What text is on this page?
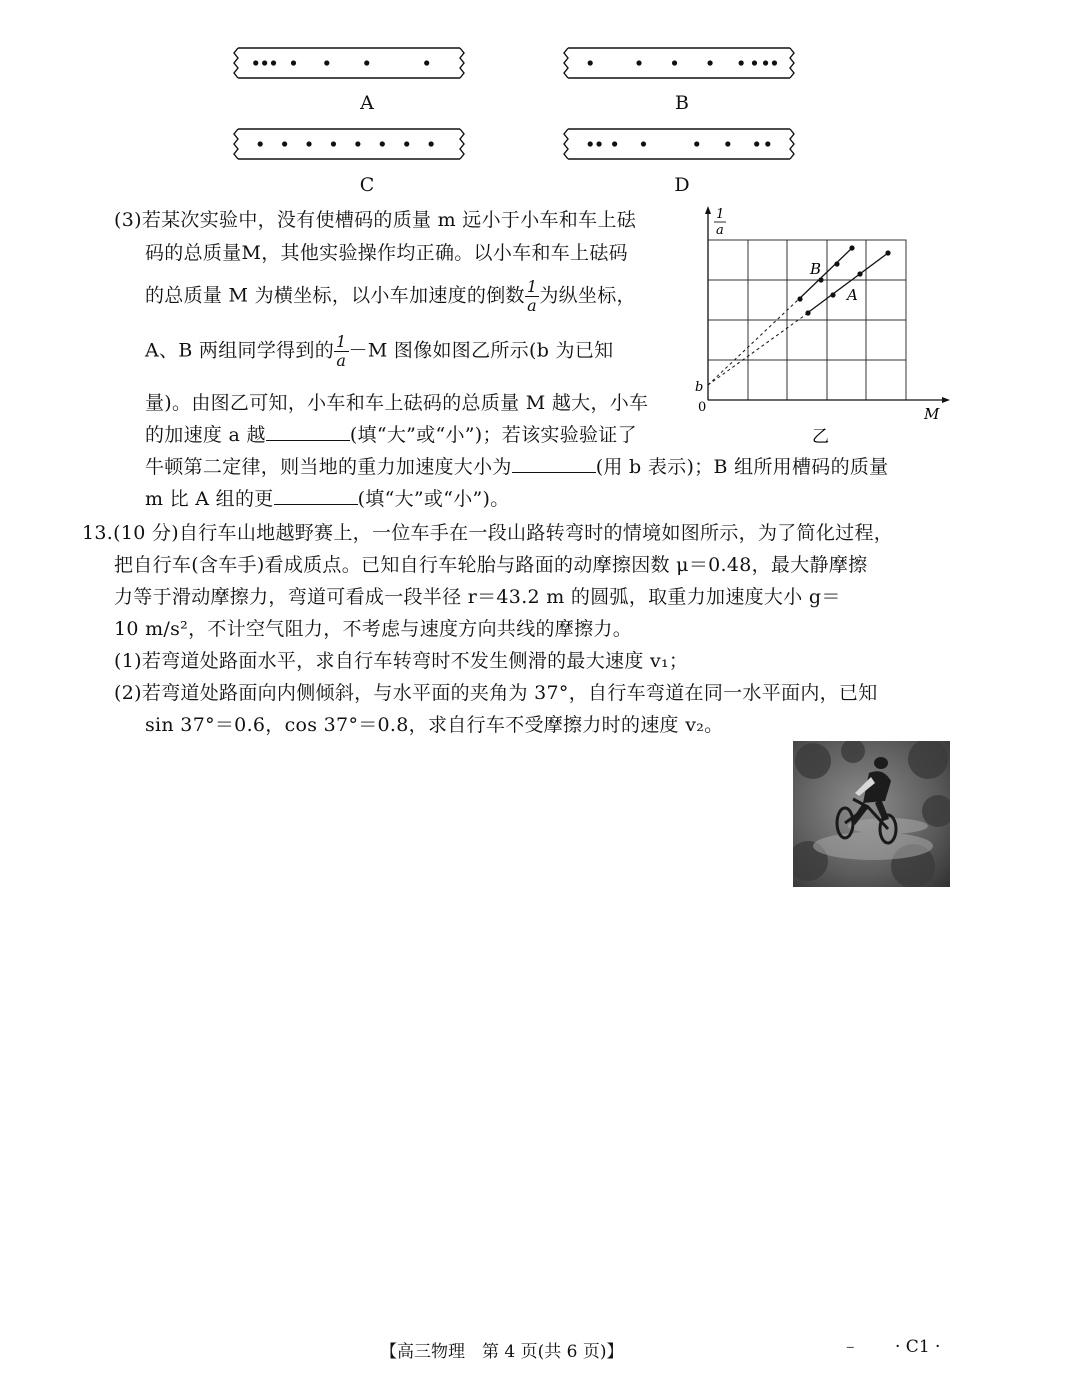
A	B
C	D
(3)若某次实验中，没有使槽码的质量 m 远小于小车和车上砝
码的总质量M，其他实验操作均正确。以小车和车上砝码
的总质量 M 为横坐标，以小车加速度的倒数 $\frac{1}{a}$ 为纵坐标，
A、B 两组同学得到的 $\frac{1}{a} -M$ 图像如图乙所示(b 为已知
量)。由图乙可知，小车和车上砝码的总质量 M 越大，小车
的加速度 a 越	(填“大”或“小”)；若该实验验证了
牛顿第二定律，则当地的重力加速度大小为	(用 b 表示)；B 组所用槽码的质量
m 比 A 组的更	(填“大”或“小”)。
1
a
b
0	M
B
A
乙
13.(10 分)自行车山地越野赛上，一位车手在一段山路转弯时的情境如图所示，为了简化过程，
把自行车(含车手)看成质点。已知自行车轮胎与路面的动摩擦因数 μ＝0.48，最大静摩擦
力等于滑动摩擦力，弯道可看成一段半径 r＝43.2 m 的圆弧，取重力加速度大小 g＝
10 m/s²，不计空气阻力，不考虑与速度方向共线的摩擦力。
(1)若弯道处路面水平，求自行车转弯时不发生侧滑的最大速度 v₁；
(2)若弯道处路面向内侧倾斜，与水平面的夹角为 37°，自行车弯道在同一水平面内，已知
sin 37°＝0.6，cos 37°＝0.8，求自行车不受摩擦力时的速度 v₂。
【高三物理　第 4 页(共 6 页)】	– · C1 ·
